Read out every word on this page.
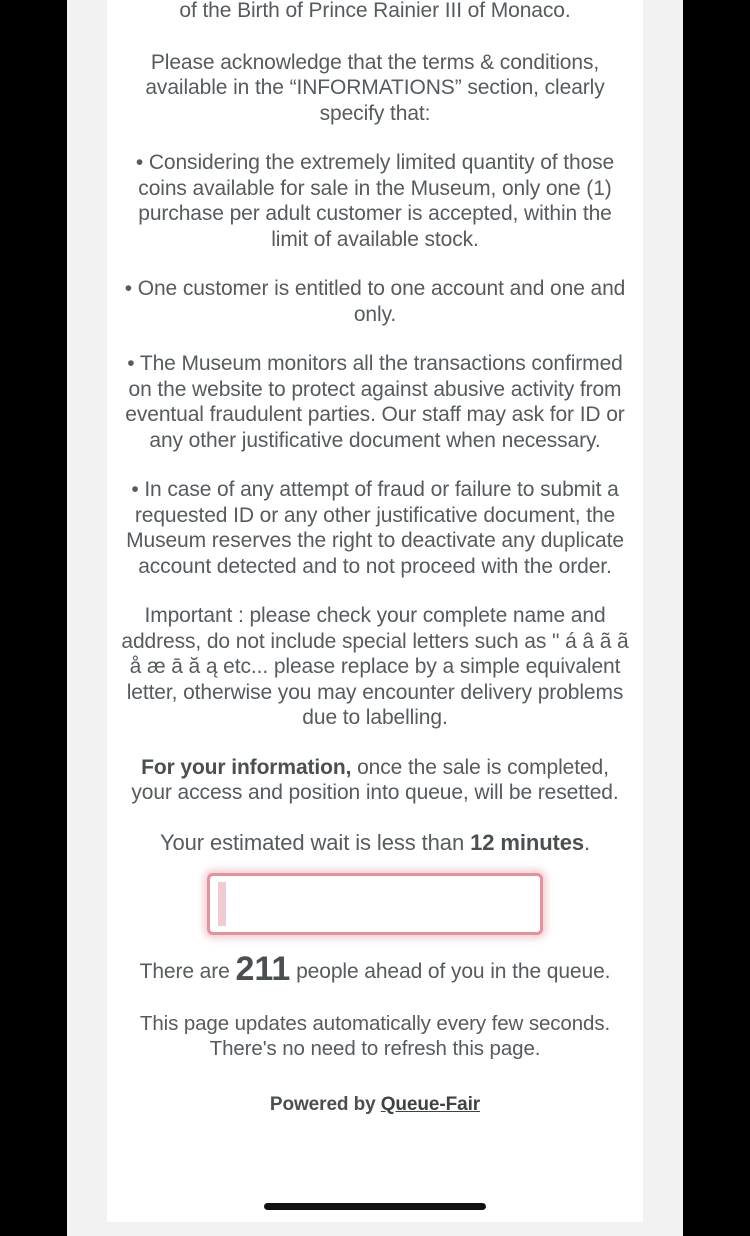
of the Birth of Prince Rainier III of Monaco.

Please acknowledge that the terms & conditions, available in the “INFORMATIONS” section, clearly specify that:

• Considering the extremely limited quantity of those coins available for sale in the Museum, only one (1) purchase per adult customer is accepted, within the limit of available stock.

• One customer is entitled to one account and one and only.

• The Museum monitors all the transactions confirmed on the website to protect against abusive activity from eventual fraudulent parties. Our staff may ask for ID or any other justificative document when necessary.

• In case of any attempt of fraud or failure to submit a requested ID or any other justificative document, the Museum reserves the right to deactivate any duplicate account detected and to not proceed with the order.

Important : please check your complete name and address, do not include special letters such as " á â ã ã å æ ā ă ą etc... please replace by a simple equivalent letter, otherwise you may encounter delivery problems due to labelling.

For your information, once the sale is completed, your access and position into queue, will be resetted.

Your estimated wait is less than 12 minutes.

There are 211 people ahead of you in the queue.

This page updates automatically every few seconds. There's no need to refresh this page.

Powered by Queue-Fair
